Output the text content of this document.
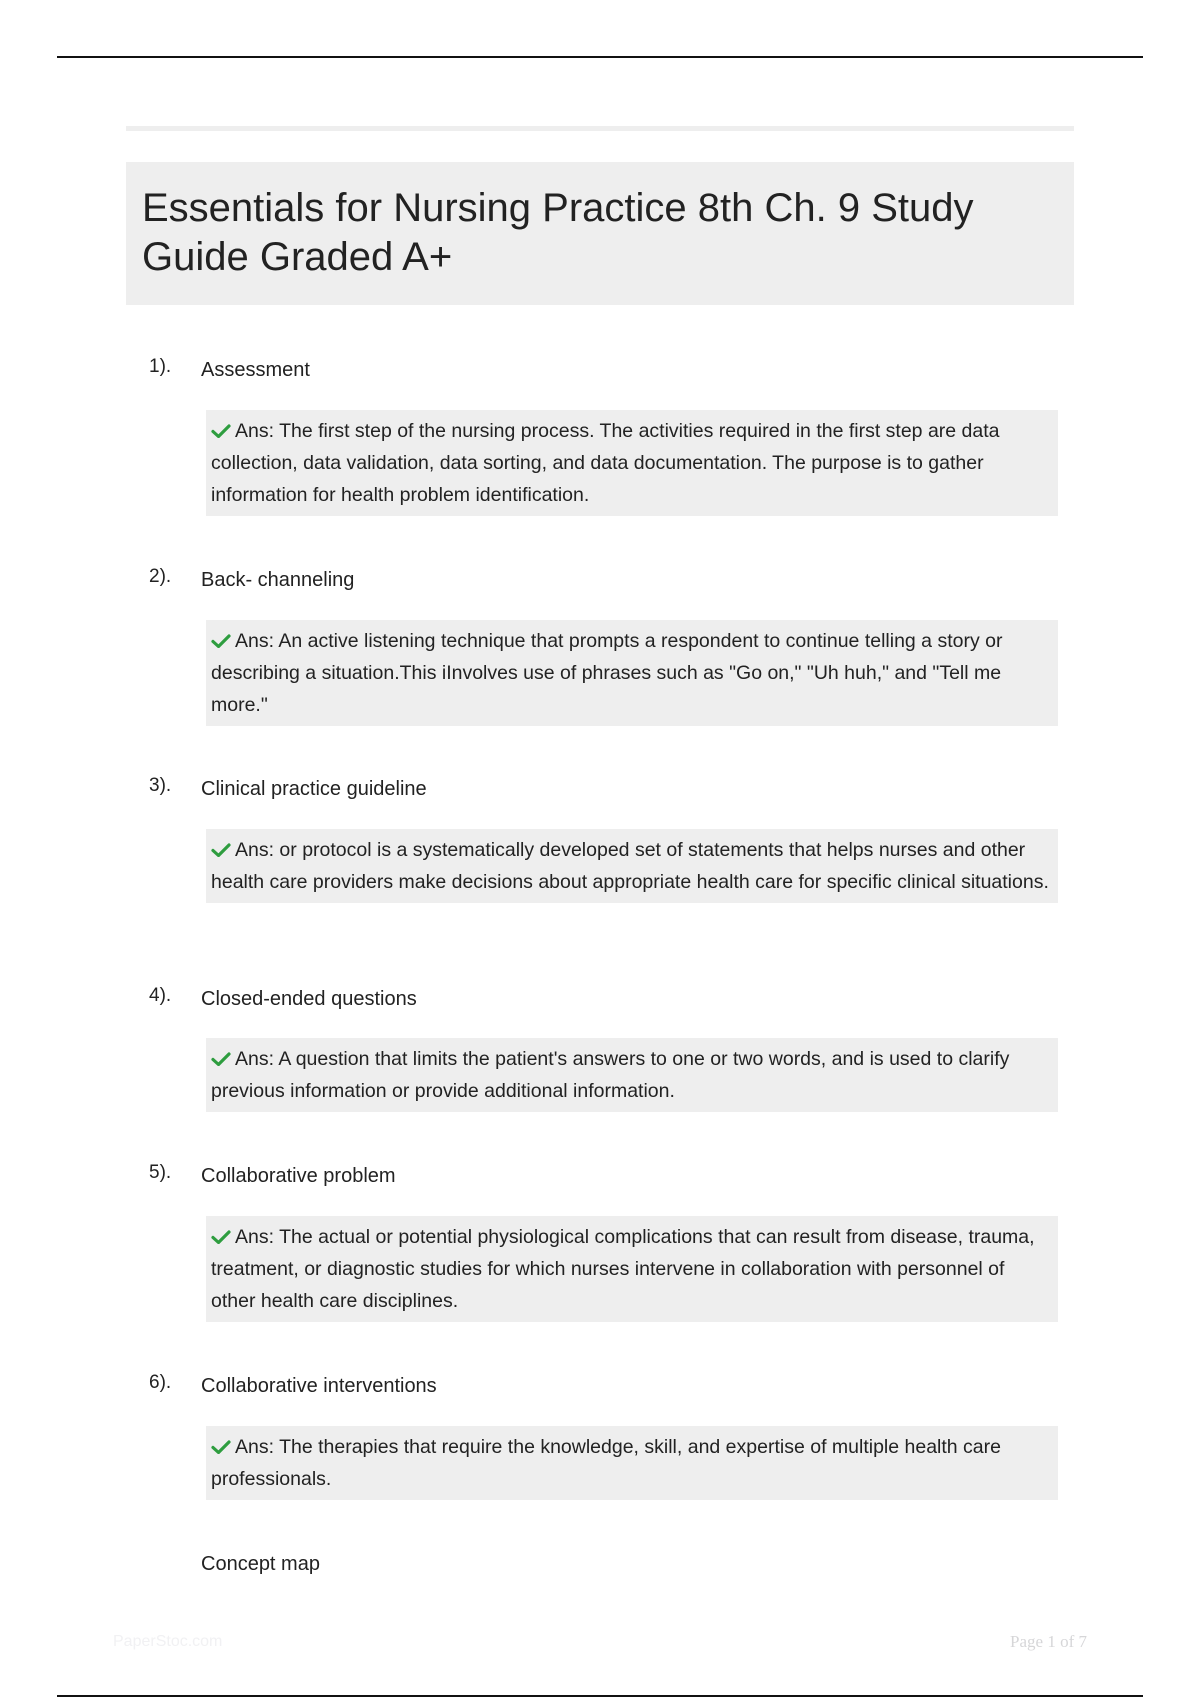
Essentials for Nursing Practice 8th Ch. 9 Study Guide Graded A+
1). Assessment
Ans: The first step of the nursing process. The activities required in the first step are data collection, data validation, data sorting, and data documentation. The purpose is to gather information for health problem identification.
2). Back- channeling
Ans: An active listening technique that prompts a respondent to continue telling a story or describing a situation.This iInvolves use of phrases such as "Go on," "Uh huh," and "Tell me more."
3). Clinical practice guideline
Ans: or protocol is a systematically developed set of statements that helps nurses and other health care providers make decisions about appropriate health care for specific clinical situations.
4). Closed-ended questions
Ans: A question that limits the patient's answers to one or two words, and is used to clarify previous information or provide additional information.
5). Collaborative problem
Ans: The actual or potential physiological complications that can result from disease, trauma, treatment, or diagnostic studies for which nurses intervene in collaboration with personnel of other health care disciplines.
6). Collaborative interventions
Ans: The therapies that require the knowledge, skill, and expertise of multiple health care professionals.
Concept map
PaperStoc.com	Page 1 of 7
